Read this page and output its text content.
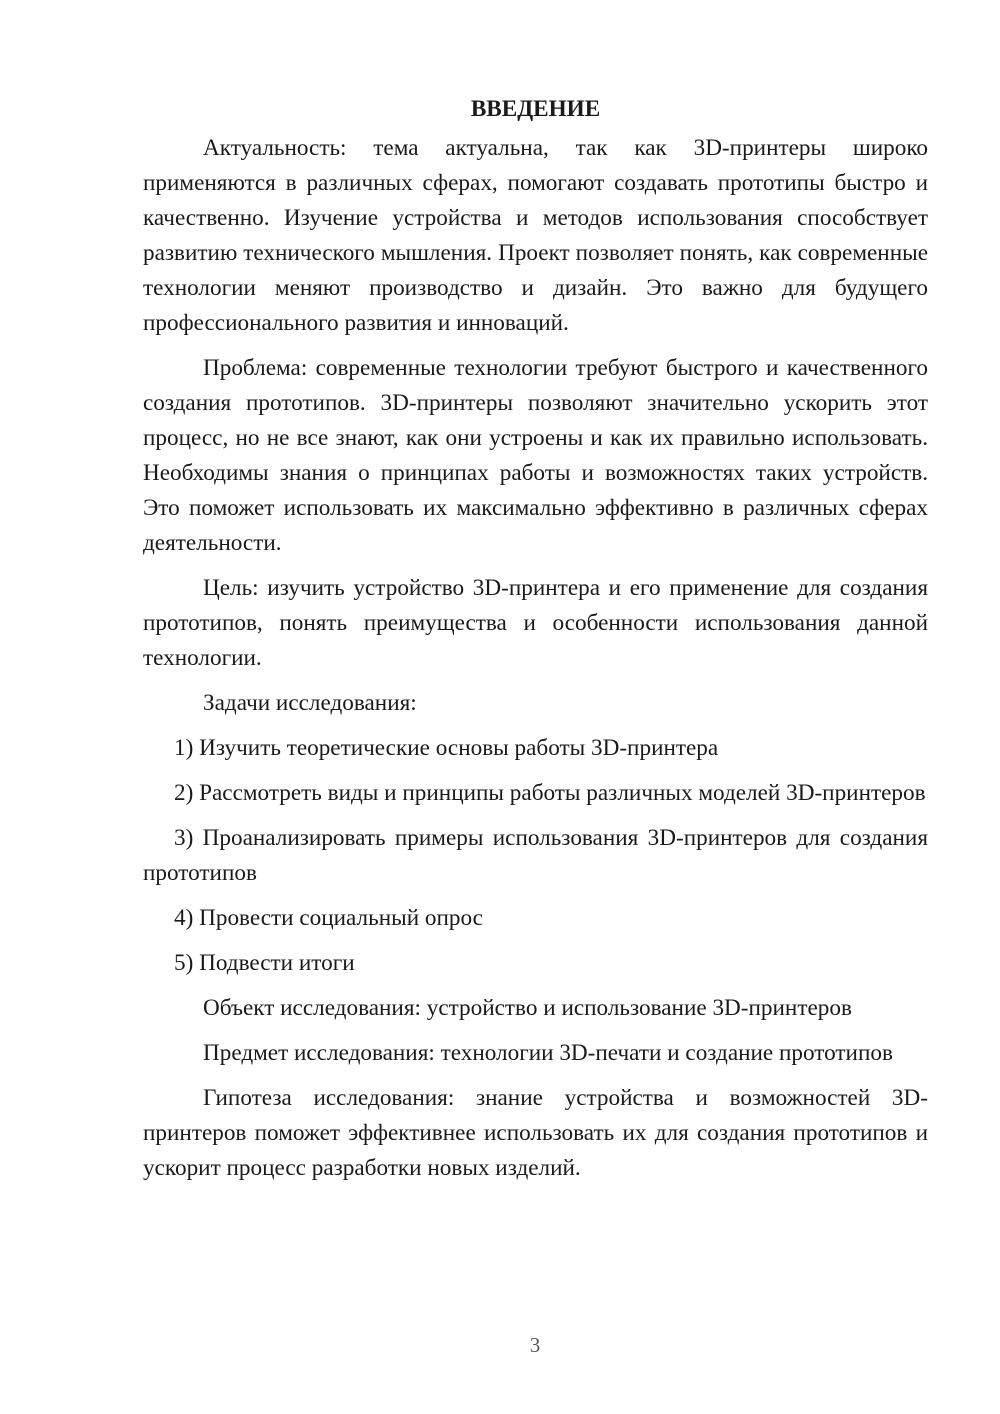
ВВЕДЕНИЕ

Актуальность: тема актуальна, так как 3D-принтеры широко применяются в различных сферах, помогают создавать прототипы быстро и качественно. Изучение устройства и методов использования способствует развитию технического мышления. Проект позволяет понять, как современные технологии меняют производство и дизайн. Это важно для будущего профессионального развития и инноваций.

Проблема: современные технологии требуют быстрого и качественного создания прототипов. 3D-принтеры позволяют значительно ускорить этот процесс, но не все знают, как они устроены и как их правильно использовать. Необходимы знания о принципах работы и возможностях таких устройств. Это поможет использовать их максимально эффективно в различных сферах деятельности.

Цель: изучить устройство 3D-принтера и его применение для создания прототипов, понять преимущества и особенности использования данной технологии.

Задачи исследования:

1) Изучить теоретические основы работы 3D-принтера

2) Рассмотреть виды и принципы работы различных моделей 3D-принтеров

3) Проанализировать примеры использования 3D-принтеров для создания прототипов

4) Провести социальный опрос

5) Подвести итоги

Объект исследования: устройство и использование 3D-принтеров

Предмет исследования: технологии 3D-печати и создание прототипов

Гипотеза исследования: знание устройства и возможностей 3D-принтеров поможет эффективнее использовать их для создания прототипов и ускорит процесс разработки новых изделий.

3
